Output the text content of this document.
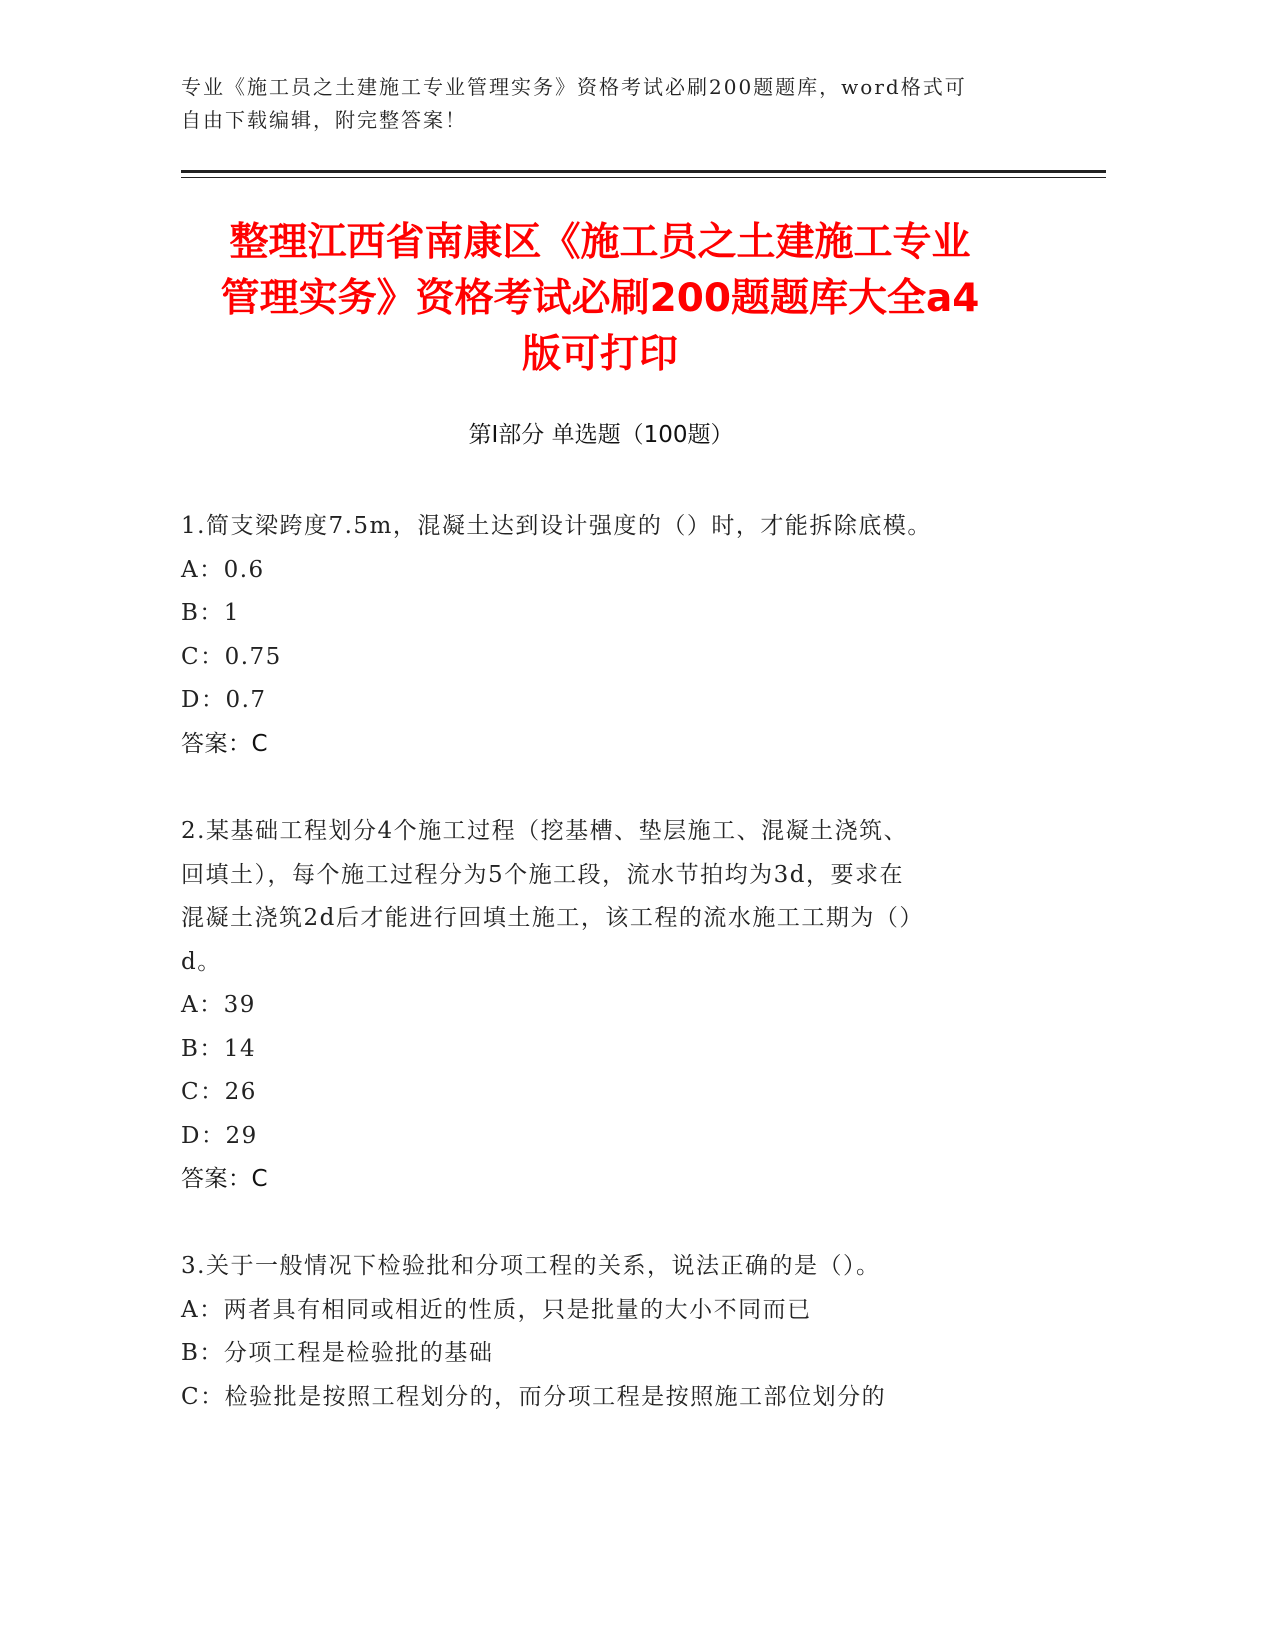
专业《施工员之土建施工专业管理实务》资格考试必刷200题题库，word格式可
自由下载编辑，附完整答案！
整理江西省南康区《施工员之土建施工专业
管理实务》资格考试必刷200题题库大全a4
版可打印
第Ⅰ部分 单选题（100题）
1.简支梁跨度7.5m，混凝土达到设计强度的（）时，才能拆除底模。
A：0.6
B：1
C：0.75
D：0.7
答案：C
2.某基础工程划分4个施工过程（挖基槽、垫层施工、混凝土浇筑、
回填土），每个施工过程分为5个施工段，流水节拍均为3d，要求在
混凝土浇筑2d后才能进行回填土施工，该工程的流水施工工期为（）
d。
A：39
B：14
C：26
D：29
答案：C
3.关于一般情况下检验批和分项工程的关系，说法正确的是（）。
A：两者具有相同或相近的性质，只是批量的大小不同而已
B：分项工程是检验批的基础
C：检验批是按照工程划分的，而分项工程是按照施工部位划分的
